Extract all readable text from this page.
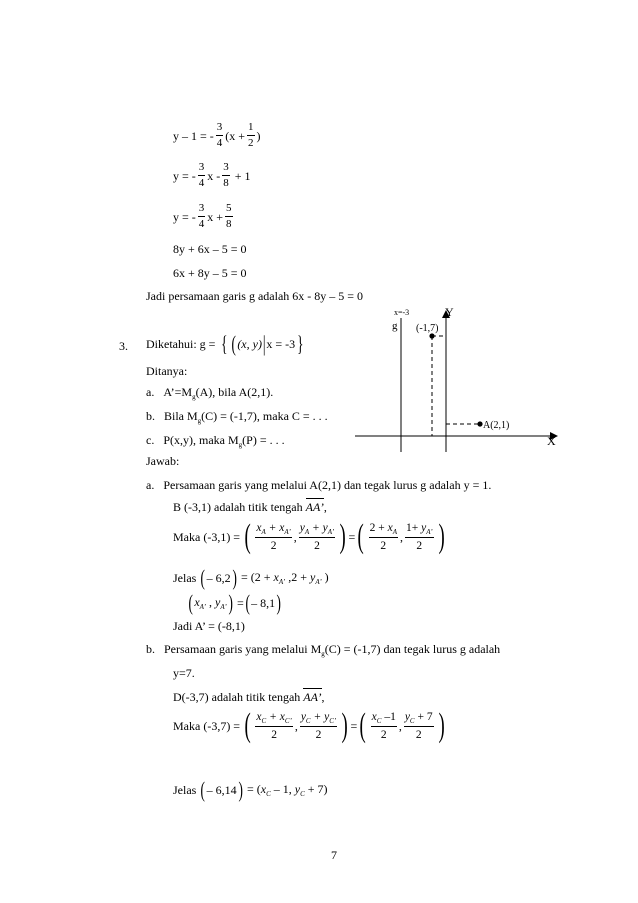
y – 1 = - $\frac{3}{4} (x + \frac{1}{2}$ )
y = - $\frac{3}{4}$ $x - \frac{3}{8} + 1$
y = - $\frac{3}{4}$ $x + \frac{5}{8}$
8y + 6x – 5 = 0
6x + 8y – 5 = 0
Jadi persamaan garis g adalah 6x - 8y – 5 = 0
3. Diketahui: g = { ( (x, y) | x = -3 }
Ditanya:
a. $A’=M_g(A)$, bila A(2,1).
b. Bila $M_g(C) = (-1,7)$, maka C = . . .
c. P(x,y), maka $M_g(P)$ = . . .
Jawab:
x=-3
g
Y
X
(-1,7)
A(2,1)
a. Persamaan garis yang melalui A(2,1) dan tegak lurus g adalah y = 1.
B (-3,1) adalah titik tengah AA’,
Maka (-3,1) = ( $\frac{x_A + x_{A’}}{2}$ , $\frac{y_A + y_{A’}}{2}$ ) = ( $\frac{2 + x_A}{2}$ , $\frac{1+ y_{A’}}{2}$ )
Jelas
( – 6,2 ) = ($2 + x_{A’}$ $,2 + y_{A’}$ )
( $x_{A’}$ , $y_{A’}$ ) = ( – 8,1 )
Jadi A’ = (-8,1)
b. Persamaan garis yang melalui $M_g(C) = (-1,7)$ dan tegak lurus g adalah
y=7.
D(-3,7) adalah titik tengah AA’,
Maka (-3,7) = ( $\frac{x_C + x_{C’}}{2}$ , $\frac{y_C + y_{C’}}{2}$ ) = ( $\frac{x_C -1}{2}$ , $\frac{y_C + 7}{2}$ )
Jelas
( – 6,14 ) = ($x_C - 1$, $y_C + 7$)
7
